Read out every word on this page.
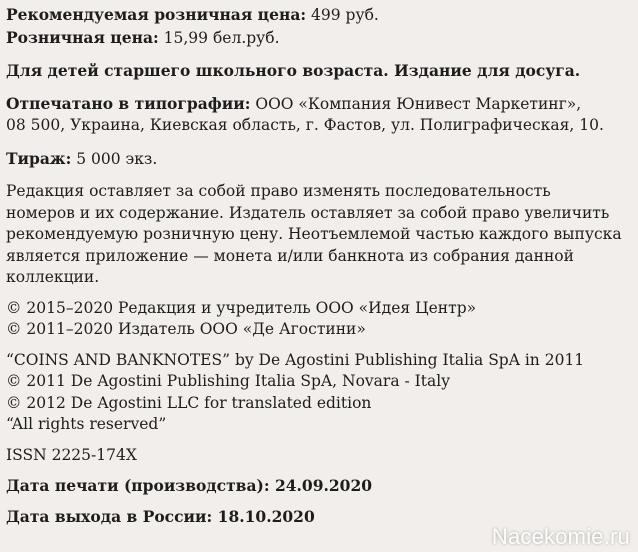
Рекомендуемая розничная цена: 499 руб.
Розничная цена: 15,99 бел.руб.
Для детей старшего школьного возраста. Издание для досуга.
Отпечатано в типографии: ООО «Компания Юнивест Маркетинг»,
08 500, Украина, Киевская область, г. Фастов, ул. Полиграфическая, 10.
Тираж: 5 000 экз.
Редакция оставляет за собой право изменять последовательность
номеров и их содержание. Издатель оставляет за собой право увеличить
рекомендуемую розничную цену. Неотъемлемой частью каждого выпуска
является приложение — монета и/или банкнота из собрания данной
коллекции.
© 2015–2020 Редакция и учредитель ООО «Идея Центр»
© 2011–2020 Издатель ООО «Де Агостини»
“COINS AND BANKNOTES” by De Agostini Publishing Italia SpA in 2011
© 2011 De Agostini Publishing Italia SpA, Novara - Italy
© 2012 De Agostini LLC for translated edition
“All rights reserved”
ISSN 2225-174X
Дата печати (производства): 24.09.2020
Дата выхода в России: 18.10.2020
Nacekomie.ru
